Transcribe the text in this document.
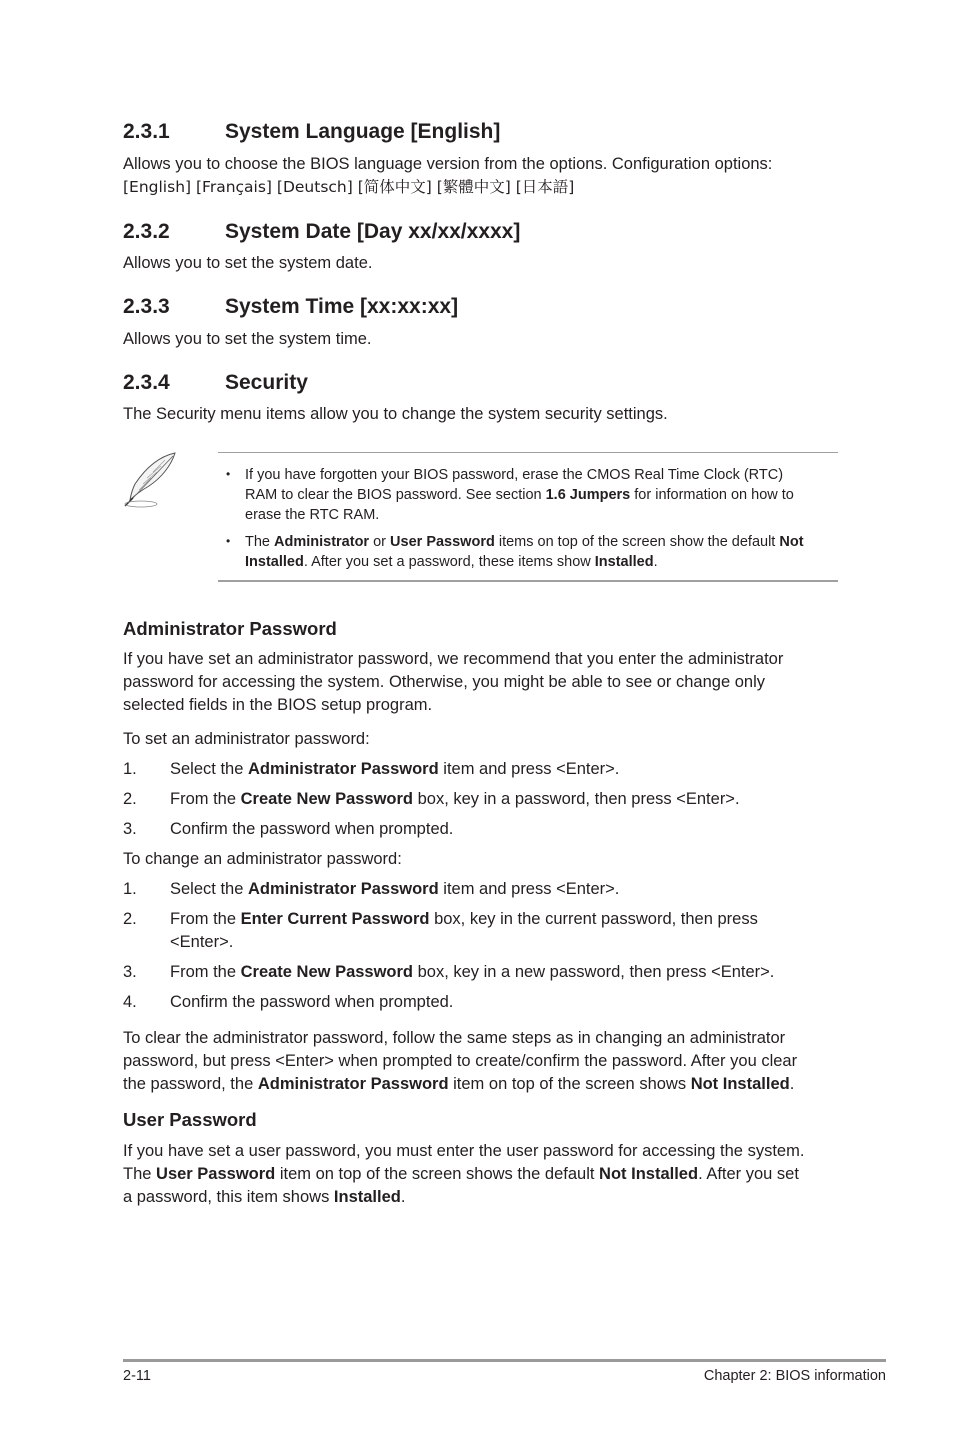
2.3.1	System Language [English]
Allows you to choose the BIOS language version from the options. Configuration options:
[English] [Français] [Deutsch] [简体中文] [繁體中文] [日本語]
2.3.2	System Date [Day xx/xx/xxxx]
Allows you to set the system date.
2.3.3	System Time [xx:xx:xx]
Allows you to set the system time.
2.3.4	Security
The Security menu items allow you to change the system security settings.
• If you have forgotten your BIOS password, erase the CMOS Real Time Clock (RTC)
RAM to clear the BIOS password. See section 1.6 Jumpers for information on how to
erase the RTC RAM.
• The Administrator or User Password items on top of the screen show the default Not
Installed. After you set a password, these items show Installed.
Administrator Password
If you have set an administrator password, we recommend that you enter the administrator
password for accessing the system. Otherwise, you might be able to see or change only
selected fields in the BIOS setup program.
To set an administrator password:
1. Select the Administrator Password item and press <Enter>.
2. From the Create New Password box, key in a password, then press <Enter>.
3. Confirm the password when prompted.
To change an administrator password:
1. Select the Administrator Password item and press <Enter>.
2. From the Enter Current Password box, key in the current password, then press
<Enter>.
3. From the Create New Password box, key in a new password, then press <Enter>.
4. Confirm the password when prompted.
To clear the administrator password, follow the same steps as in changing an administrator
password, but press <Enter> when prompted to create/confirm the password. After you clear
the password, the Administrator Password item on top of the screen shows Not Installed.
User Password
If you have set a user password, you must enter the user password for accessing the system.
The User Password item on top of the screen shows the default Not Installed. After you set
a password, this item shows Installed.
2-11	Chapter 2: BIOS information
